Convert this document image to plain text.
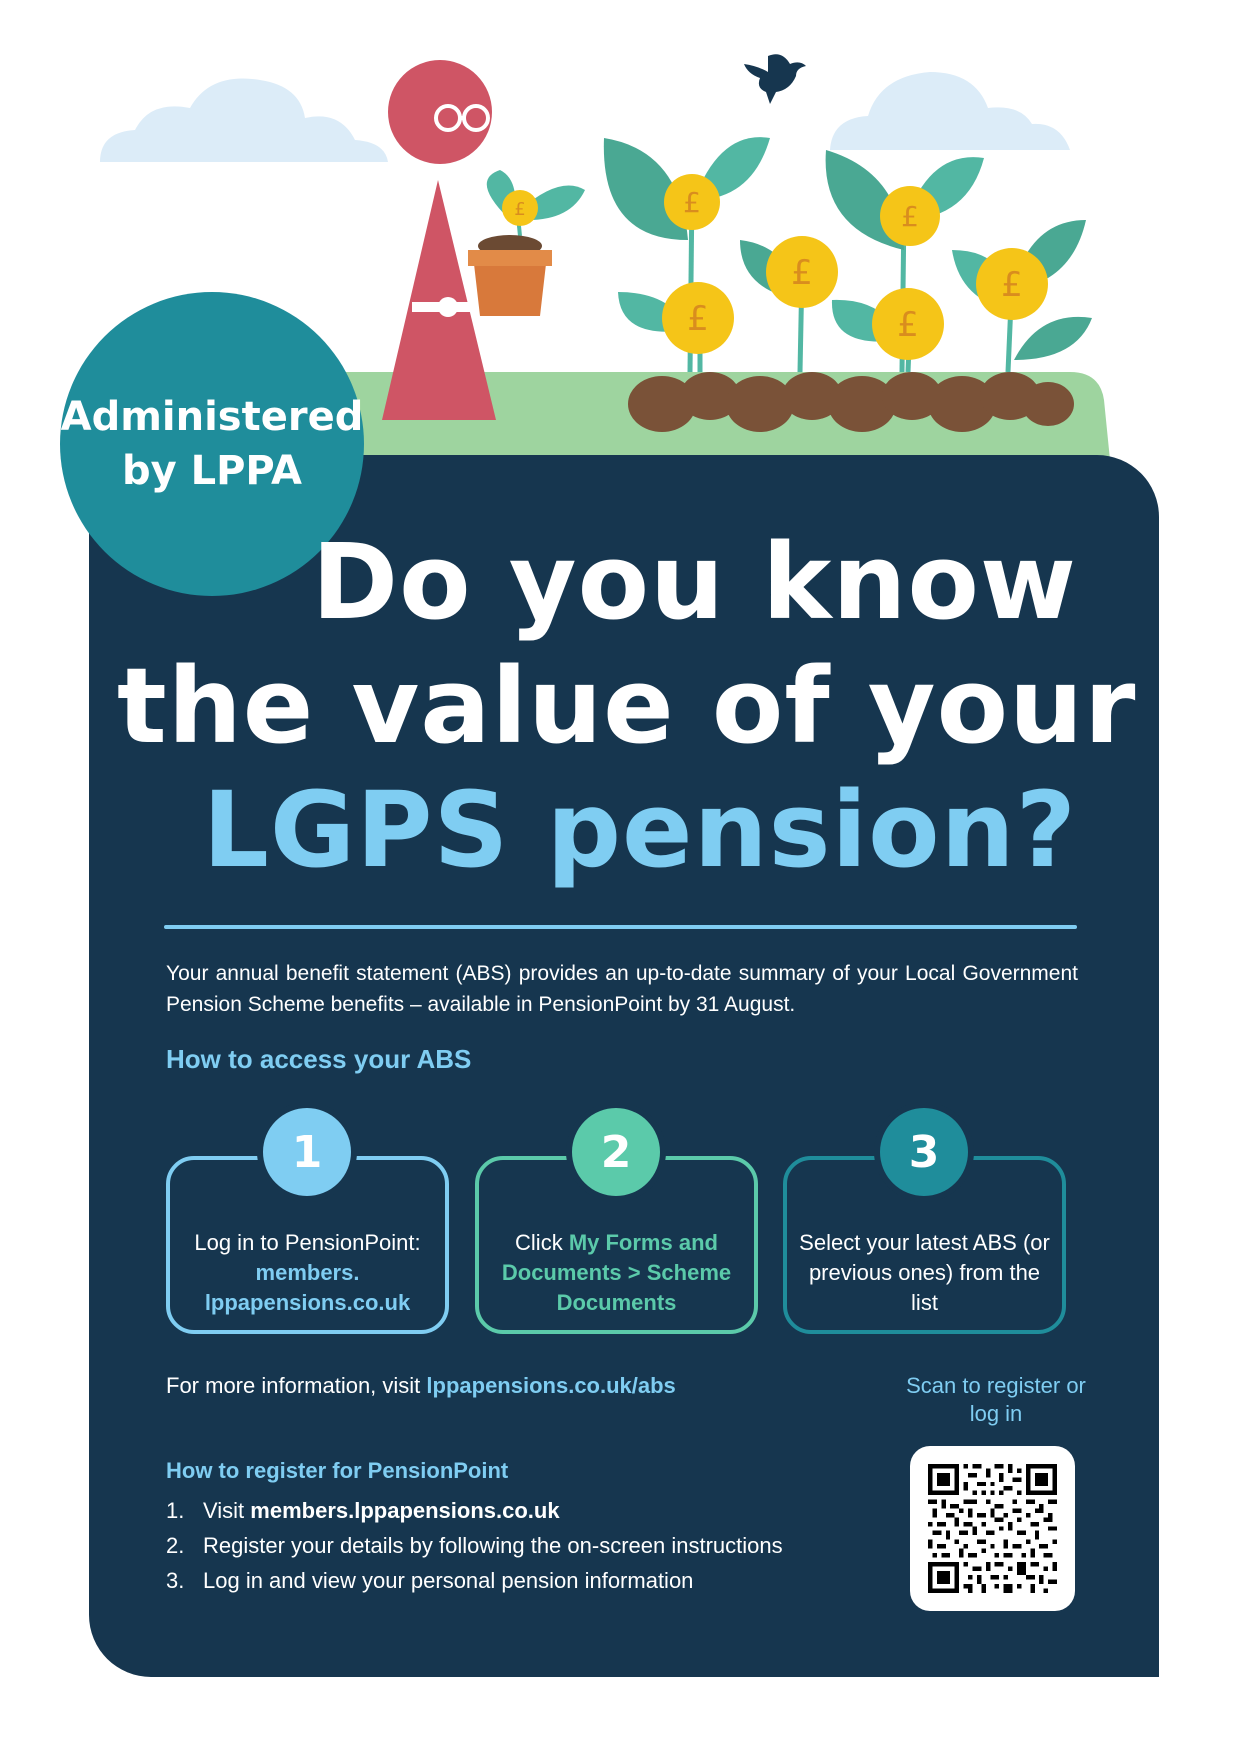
£	£
£
£
£
£
£
Administered
by LPPA
Do you know
the value of your
LGPS pension?

Your annual benefit statement (ABS) provides an up-to-date summary of your Local Government Pension Scheme benefits – available in PensionPoint by 31 August.

How to access your ABS
Log in to PensionPoint:
members. lppapensions.co.uk
1
Click My Forms and Documents > Scheme Documents
2
Select your latest ABS (or previous ones) from the list
3

For more information, visit lppapensions.co.uk/abs	Scan to register or log in

How to register for PensionPoint
1. Visit members.lppapensions.co.uk
2. Register your details by following the on-screen instructions
3. Log in and view your personal pension information
